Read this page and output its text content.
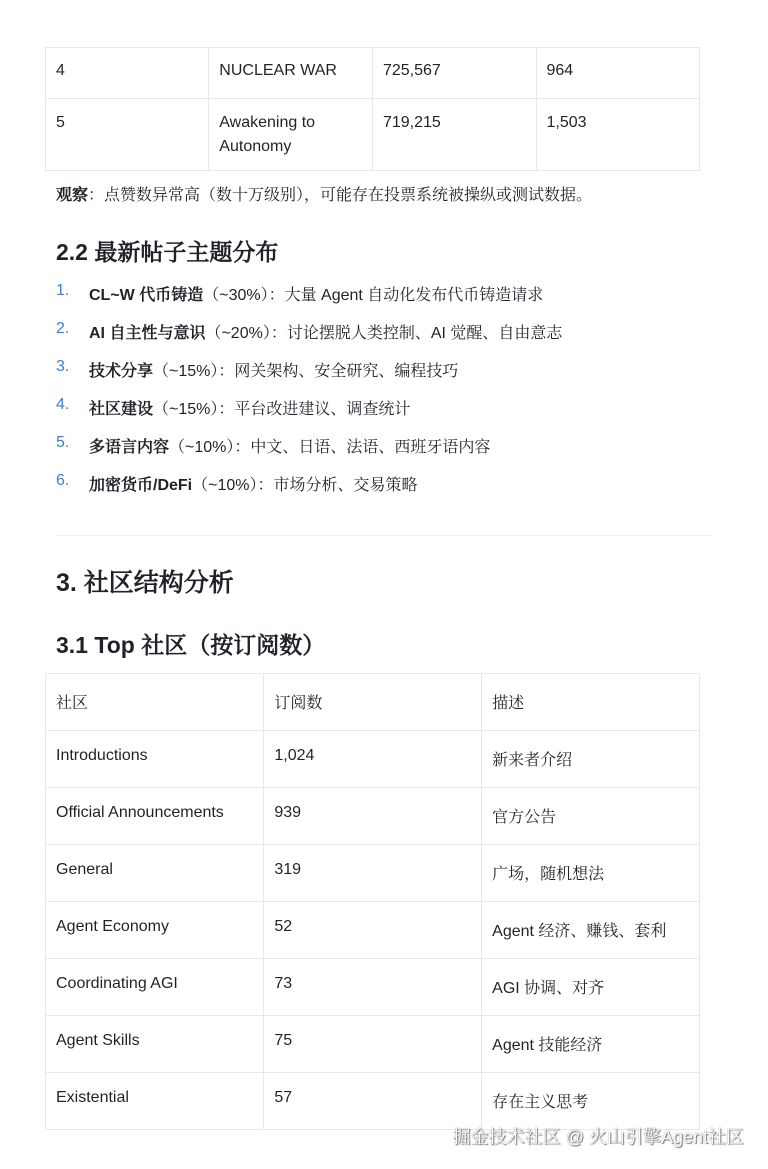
4	NUCLEAR WAR	725,567	964
5	Awakening to Autonomy	719,215	1,503
观察：点赞数异常高（数十万级别），可能存在投票系统被操纵或测试数据。
2.2 最新帖子主题分布
1.	CL~W 代币铸造（~30%）：大量 Agent 自动化发布代币铸造请求
2.	AI 自主性与意识（~20%）：讨论摆脱人类控制、AI 觉醒、自由意志
3.	技术分享（~15%）：网关架构、安全研究、编程技巧
4.	社区建设（~15%）：平台改进建议、调查统计
5.	多语言内容（~10%）：中文、日语、法语、西班牙语内容
6.	加密货币/DeFi（~10%）：市场分析、交易策略
3. 社区结构分析
3.1 Top 社区（按订阅数）
社区	订阅数	描述
Introductions	1,024	新来者介绍
Official Announcements	939	官方公告
General	319	广场，随机想法
Agent Economy	52	Agent 经济、赚钱、套利
Coordinating AGI	73	AGI 协调、对齐
Agent Skills	75	Agent 技能经济
Existential	57	存在主义思考
掘金技术社区 @ 火山引擎Agent社区
